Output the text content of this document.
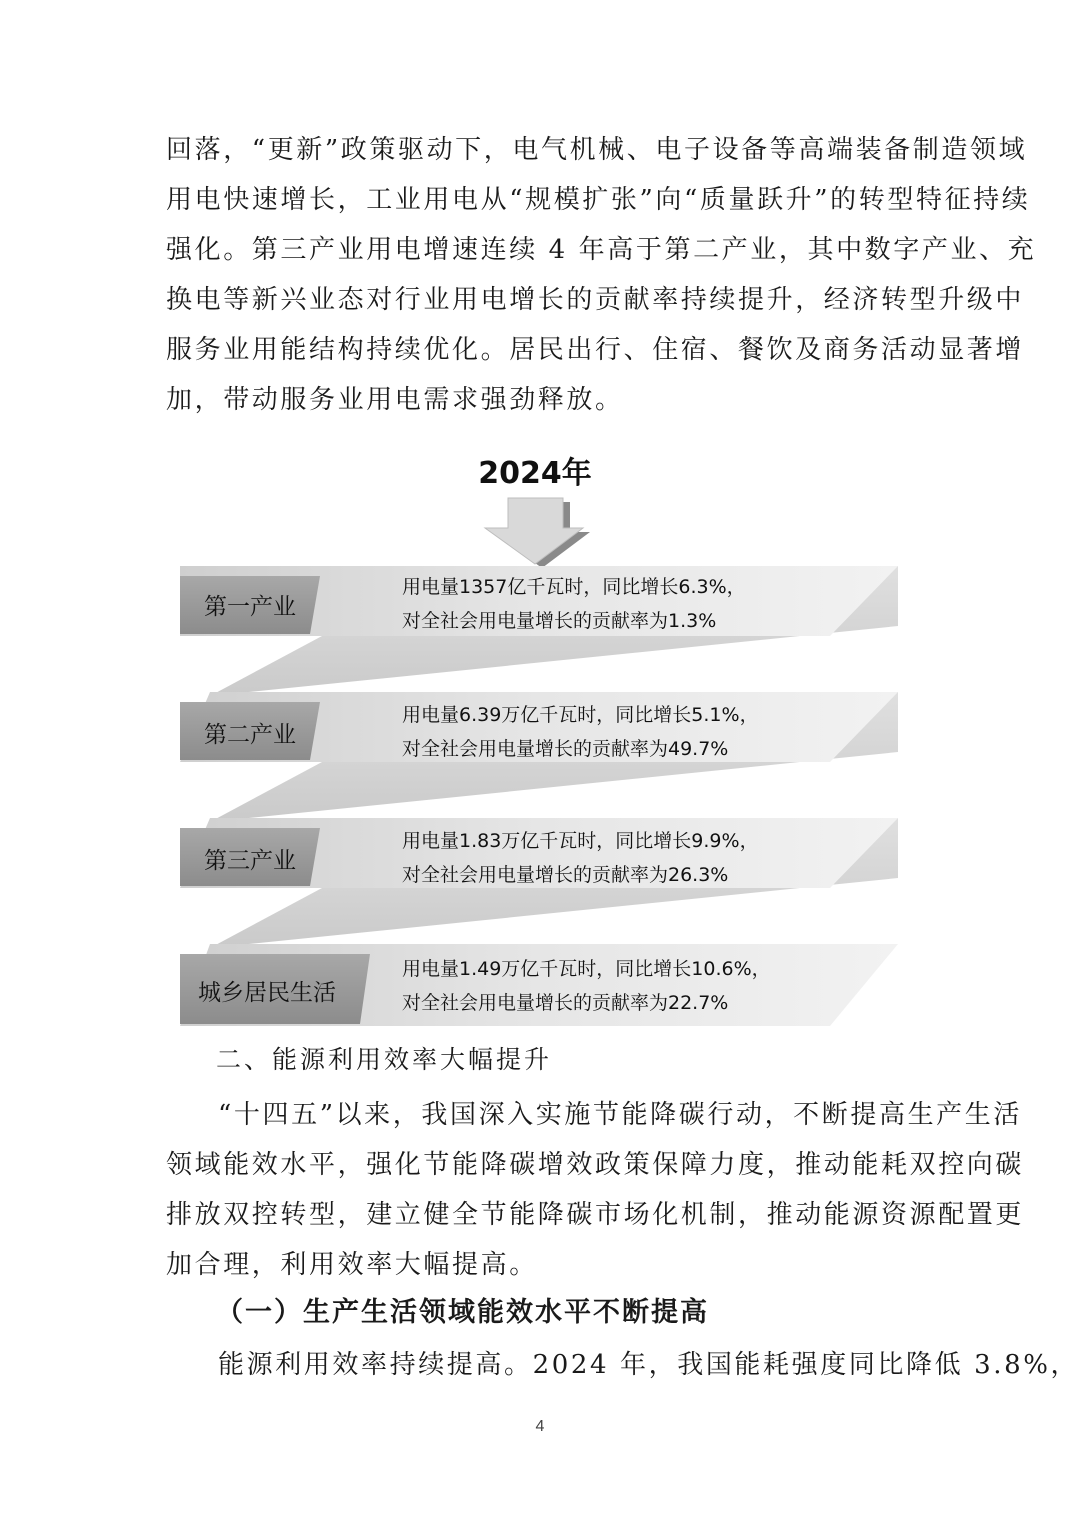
回落，“更新”政策驱动下，电气机械、电子设备等高端装备制造领域
用电快速增长，工业用电从“规模扩张”向“质量跃升”的转型特征持续
强化。第三产业用电增速连续 4 年高于第二产业，其中数字产业、充
换电等新兴业态对行业用电增长的贡献率持续提升，经济转型升级中
服务业用能结构持续优化。居民出行、住宿、餐饮及商务活动显著增
加，带动服务业用电需求强劲释放。
2024年
第一产业
用电量1357亿千瓦时，同比增长6.3%，
对全社会用电量增长的贡献率为1.3%
第二产业
用电量6.39万亿千瓦时，同比增长5.1%，
对全社会用电量增长的贡献率为49.7%
第三产业
用电量1.83万亿千瓦时，同比增长9.9%，
对全社会用电量增长的贡献率为26.3%
城乡居民生活
用电量1.49万亿千瓦时，同比增长10.6%，
对全社会用电量增长的贡献率为22.7%
二、能源利用效率大幅提升
“十四五”以来，我国深入实施节能降碳行动，不断提高生产生活
领域能效水平，强化节能降碳增效政策保障力度，推动能耗双控向碳
排放双控转型，建立健全节能降碳市场化机制，推动能源资源配置更
加合理，利用效率大幅提高。
（一）生产生活领域能效水平不断提高
能源利用效率持续提高。2024 年，我国能耗强度同比降低 3.8%，
4
